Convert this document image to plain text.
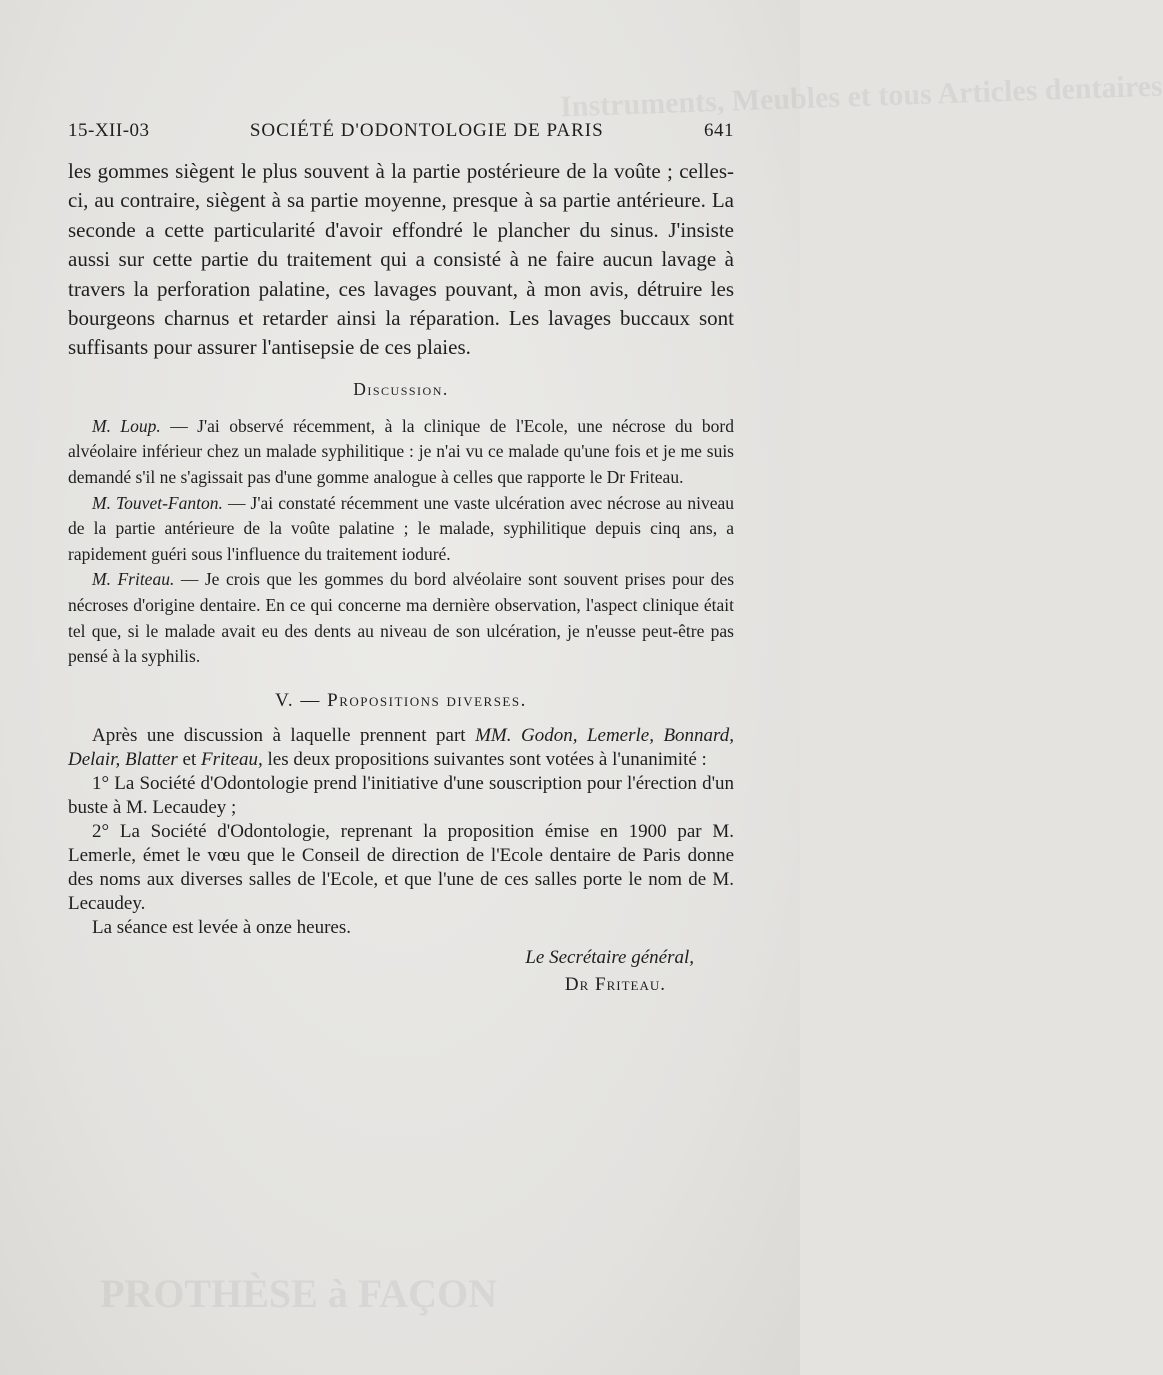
Instruments, Meubles et tous Articles dentaires
PROTHÈSE à FAÇON
15-XII-03	SOCIÉTÉ D'ODONTOLOGIE DE PARIS	641

les gommes siègent le plus souvent à la partie postérieure de la voûte ; celles-ci, au contraire, siègent à sa partie moyenne, presque à sa partie antérieure. La seconde a cette particularité d'avoir effondré le plancher du sinus. J'insiste aussi sur cette partie du traitement qui a consisté à ne faire aucun lavage à travers la perforation palatine, ces lavages pouvant, à mon avis, détruire les bourgeons charnus et retarder ainsi la réparation. Les lavages buccaux sont suffisants pour assurer l'antisepsie de ces plaies.

Discussion.

M. Loup. — J'ai observé récemment, à la clinique de l'Ecole, une nécrose du bord alvéolaire inférieur chez un malade syphilitique : je n'ai vu ce malade qu'une fois et je me suis demandé s'il ne s'agissait pas d'une gomme analogue à celles que rapporte le Dr Friteau.

M. Touvet-Fanton. — J'ai constaté récemment une vaste ulcération avec nécrose au niveau de la partie antérieure de la voûte palatine ; le malade, syphilitique depuis cinq ans, a rapidement guéri sous l'influence du traitement ioduré.

M. Friteau. — Je crois que les gommes du bord alvéolaire sont souvent prises pour des nécroses d'origine dentaire. En ce qui concerne ma dernière observation, l'aspect clinique était tel que, si le malade avait eu des dents au niveau de son ulcération, je n'eusse peut-être pas pensé à la syphilis.

V. — Propositions diverses.

Après une discussion à laquelle prennent part MM. Godon, Lemerle, Bonnard, Delair, Blatter et Friteau, les deux propositions suivantes sont votées à l'unanimité :

1° La Société d'Odontologie prend l'initiative d'une souscription pour l'érection d'un buste à M. Lecaudey ;

2° La Société d'Odontologie, reprenant la proposition émise en 1900 par M. Lemerle, émet le vœu que le Conseil de direction de l'Ecole dentaire de Paris donne des noms aux diverses salles de l'Ecole, et que l'une de ces salles porte le nom de M. Lecaudey.

La séance est levée à onze heures.

Le Secrétaire général,
Dr Friteau.
